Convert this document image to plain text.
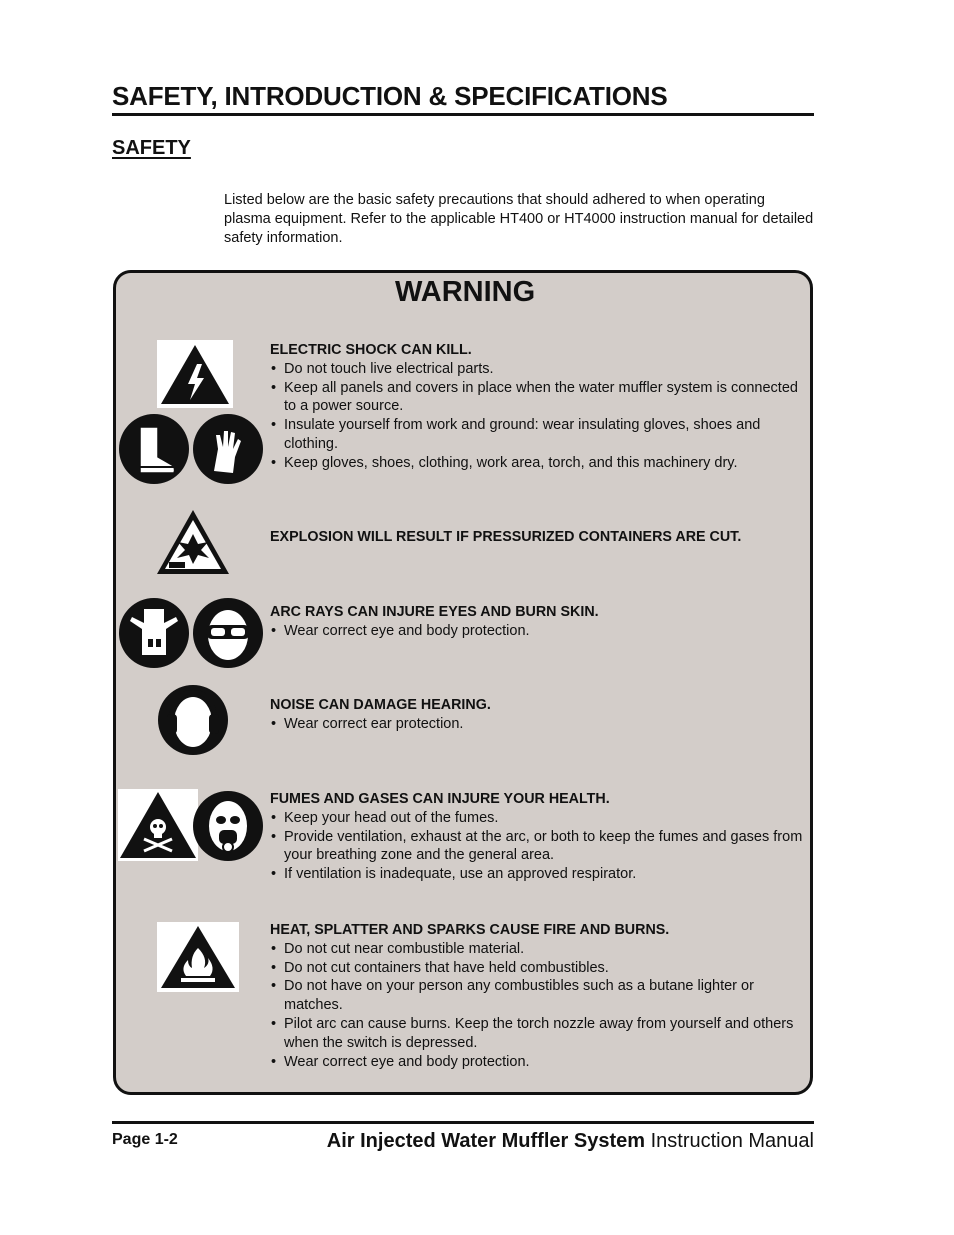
SAFETY, INTRODUCTION & SPECIFICATIONS
SAFETY
Listed below are the basic safety precautions that should adhered to when operating plasma equipment. Refer to the applicable HT400 or HT4000 instruction manual for detailed safety information.
WARNING
ELECTRIC SHOCK CAN KILL.
• Do not touch live electrical parts.
• Keep all panels and covers in place when the water muffler system is connected to a power source.
• Insulate yourself from work and ground: wear insulating gloves, shoes and clothing.
• Keep gloves, shoes, clothing, work area, torch, and this machinery dry.
EXPLOSION WILL RESULT IF PRESSURIZED CONTAINERS ARE CUT.
ARC RAYS CAN INJURE EYES AND BURN SKIN.
• Wear correct eye and body protection.
NOISE CAN DAMAGE HEARING.
• Wear correct ear protection.
FUMES AND GASES CAN INJURE YOUR HEALTH.
• Keep your head out of the fumes.
• Provide ventilation, exhaust at the arc, or both to keep the fumes and gases from your breathing zone and the general area.
• If ventilation is inadequate, use an approved respirator.
HEAT, SPLATTER AND SPARKS CAUSE FIRE AND BURNS.
• Do not cut near combustible material.
• Do not cut containers that have held combustibles.
• Do not have on your person any combustibles such as a butane lighter or matches.
• Pilot arc can cause burns. Keep the torch nozzle away from yourself and others when the switch is depressed.
• Wear correct eye and body protection.
Page 1-2	Air Injected Water Muffler System Instruction Manual
